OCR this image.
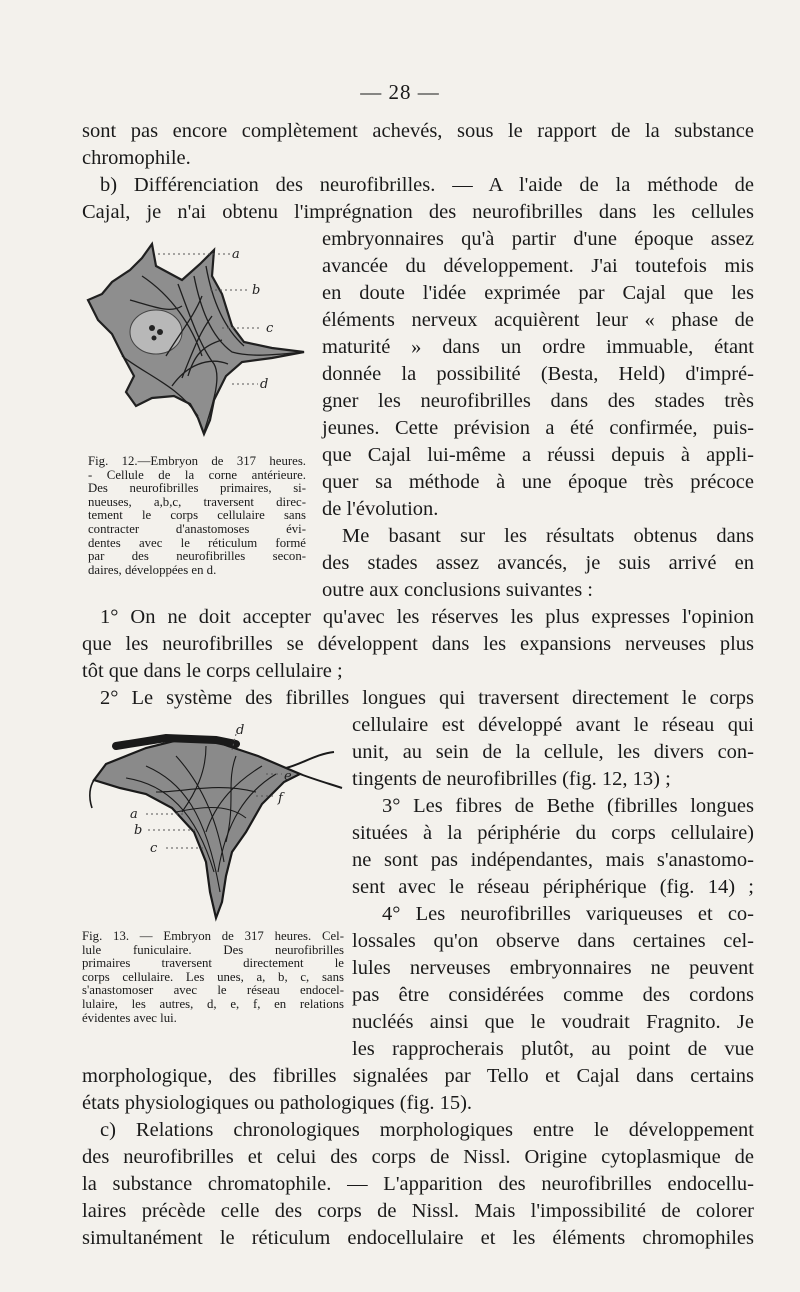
— 28 —
sont pas encore complètement achevés, sous le rapport de la substance
chromophile.
b) Différenciation des neurofibrilles. — A l'aide de la méthode de
Cajal, je n'ai obtenu l'imprégnation des neurofibrilles dans les cellules
embryonnaires qu'à partir d'une époque assez
avancée du développement. J'ai toutefois mis
en doute l'idée exprimée par Cajal que les
éléments nerveux acquièrent leur « phase de
maturité » dans un ordre immuable, étant
donnée la possibilité (Besta, Held) d'impré-
gner les neurofibrilles dans des stades très
jeunes. Cette prévision a été confirmée, puis-
que Cajal lui-même a réussi depuis à appli-
quer sa méthode à une époque très précoce
de l'évolution.
Me basant sur les résultats obtenus dans
des stades assez avancés, je suis arrivé en
outre aux conclusions suivantes :
1° On ne doit accepter qu'avec les réserves les plus expresses l'opinion
que les neurofibrilles se développent dans les expansions nerveuses plus
tôt que dans le corps cellulaire ;
2° Le système des fibrilles longues qui traversent directement le corps
cellulaire est développé avant le réseau qui
unit, au sein de la cellule, les divers con-
tingents de neurofibrilles (fig. 12, 13) ;
3° Les fibres de Bethe (fibrilles longues
situées à la périphérie du corps cellulaire)
ne sont pas indépendantes, mais s'anastomo-
sent avec le réseau périphérique (fig. 14) ;
4° Les neurofibrilles variqueuses et co-
lossales qu'on observe dans certaines cel-
lules nerveuses embryonnaires ne peuvent
pas être considérées comme des cordons
nucléés ainsi que le voudrait Fragnito. Je
les rapprocherais plutôt, au point de vue
morphologique, des fibrilles signalées par Tello et Cajal dans certains
états physiologiques ou pathologiques (fig. 15).
c) Relations chronologiques morphologiques entre le développement
des neurofibrilles et celui des corps de Nissl. Origine cytoplasmique de
la substance chromatophile. — L'apparition des neurofibrilles endocellu-
laires précède celle des corps de Nissl. Mais l'impossibilité de colorer
simultanément le réticulum endocellulaire et les éléments chromophiles
a
b
c
d
Fig. 12.—Embryon de 317 heures.
- Cellule de la corne antérieure.
Des neurofibrilles primaires, si-
nueuses, a,b,c, traversent direc-
tement le corps cellulaire sans
contracter d'anastomoses évi-
dentes avec le réticulum formé
par des neurofibrilles secon-
daires, développées en d.
a
b
c
d
e
f
Fig. 13. — Embryon de 317 heures. Cel-
lule funiculaire. Des neurofibrilles
primaires traversent directement le
corps cellulaire. Les unes, a, b, c, sans
s'anastomoser avec le réseau endocel-
lulaire, les autres, d, e, f, en relations
évidentes avec lui.
